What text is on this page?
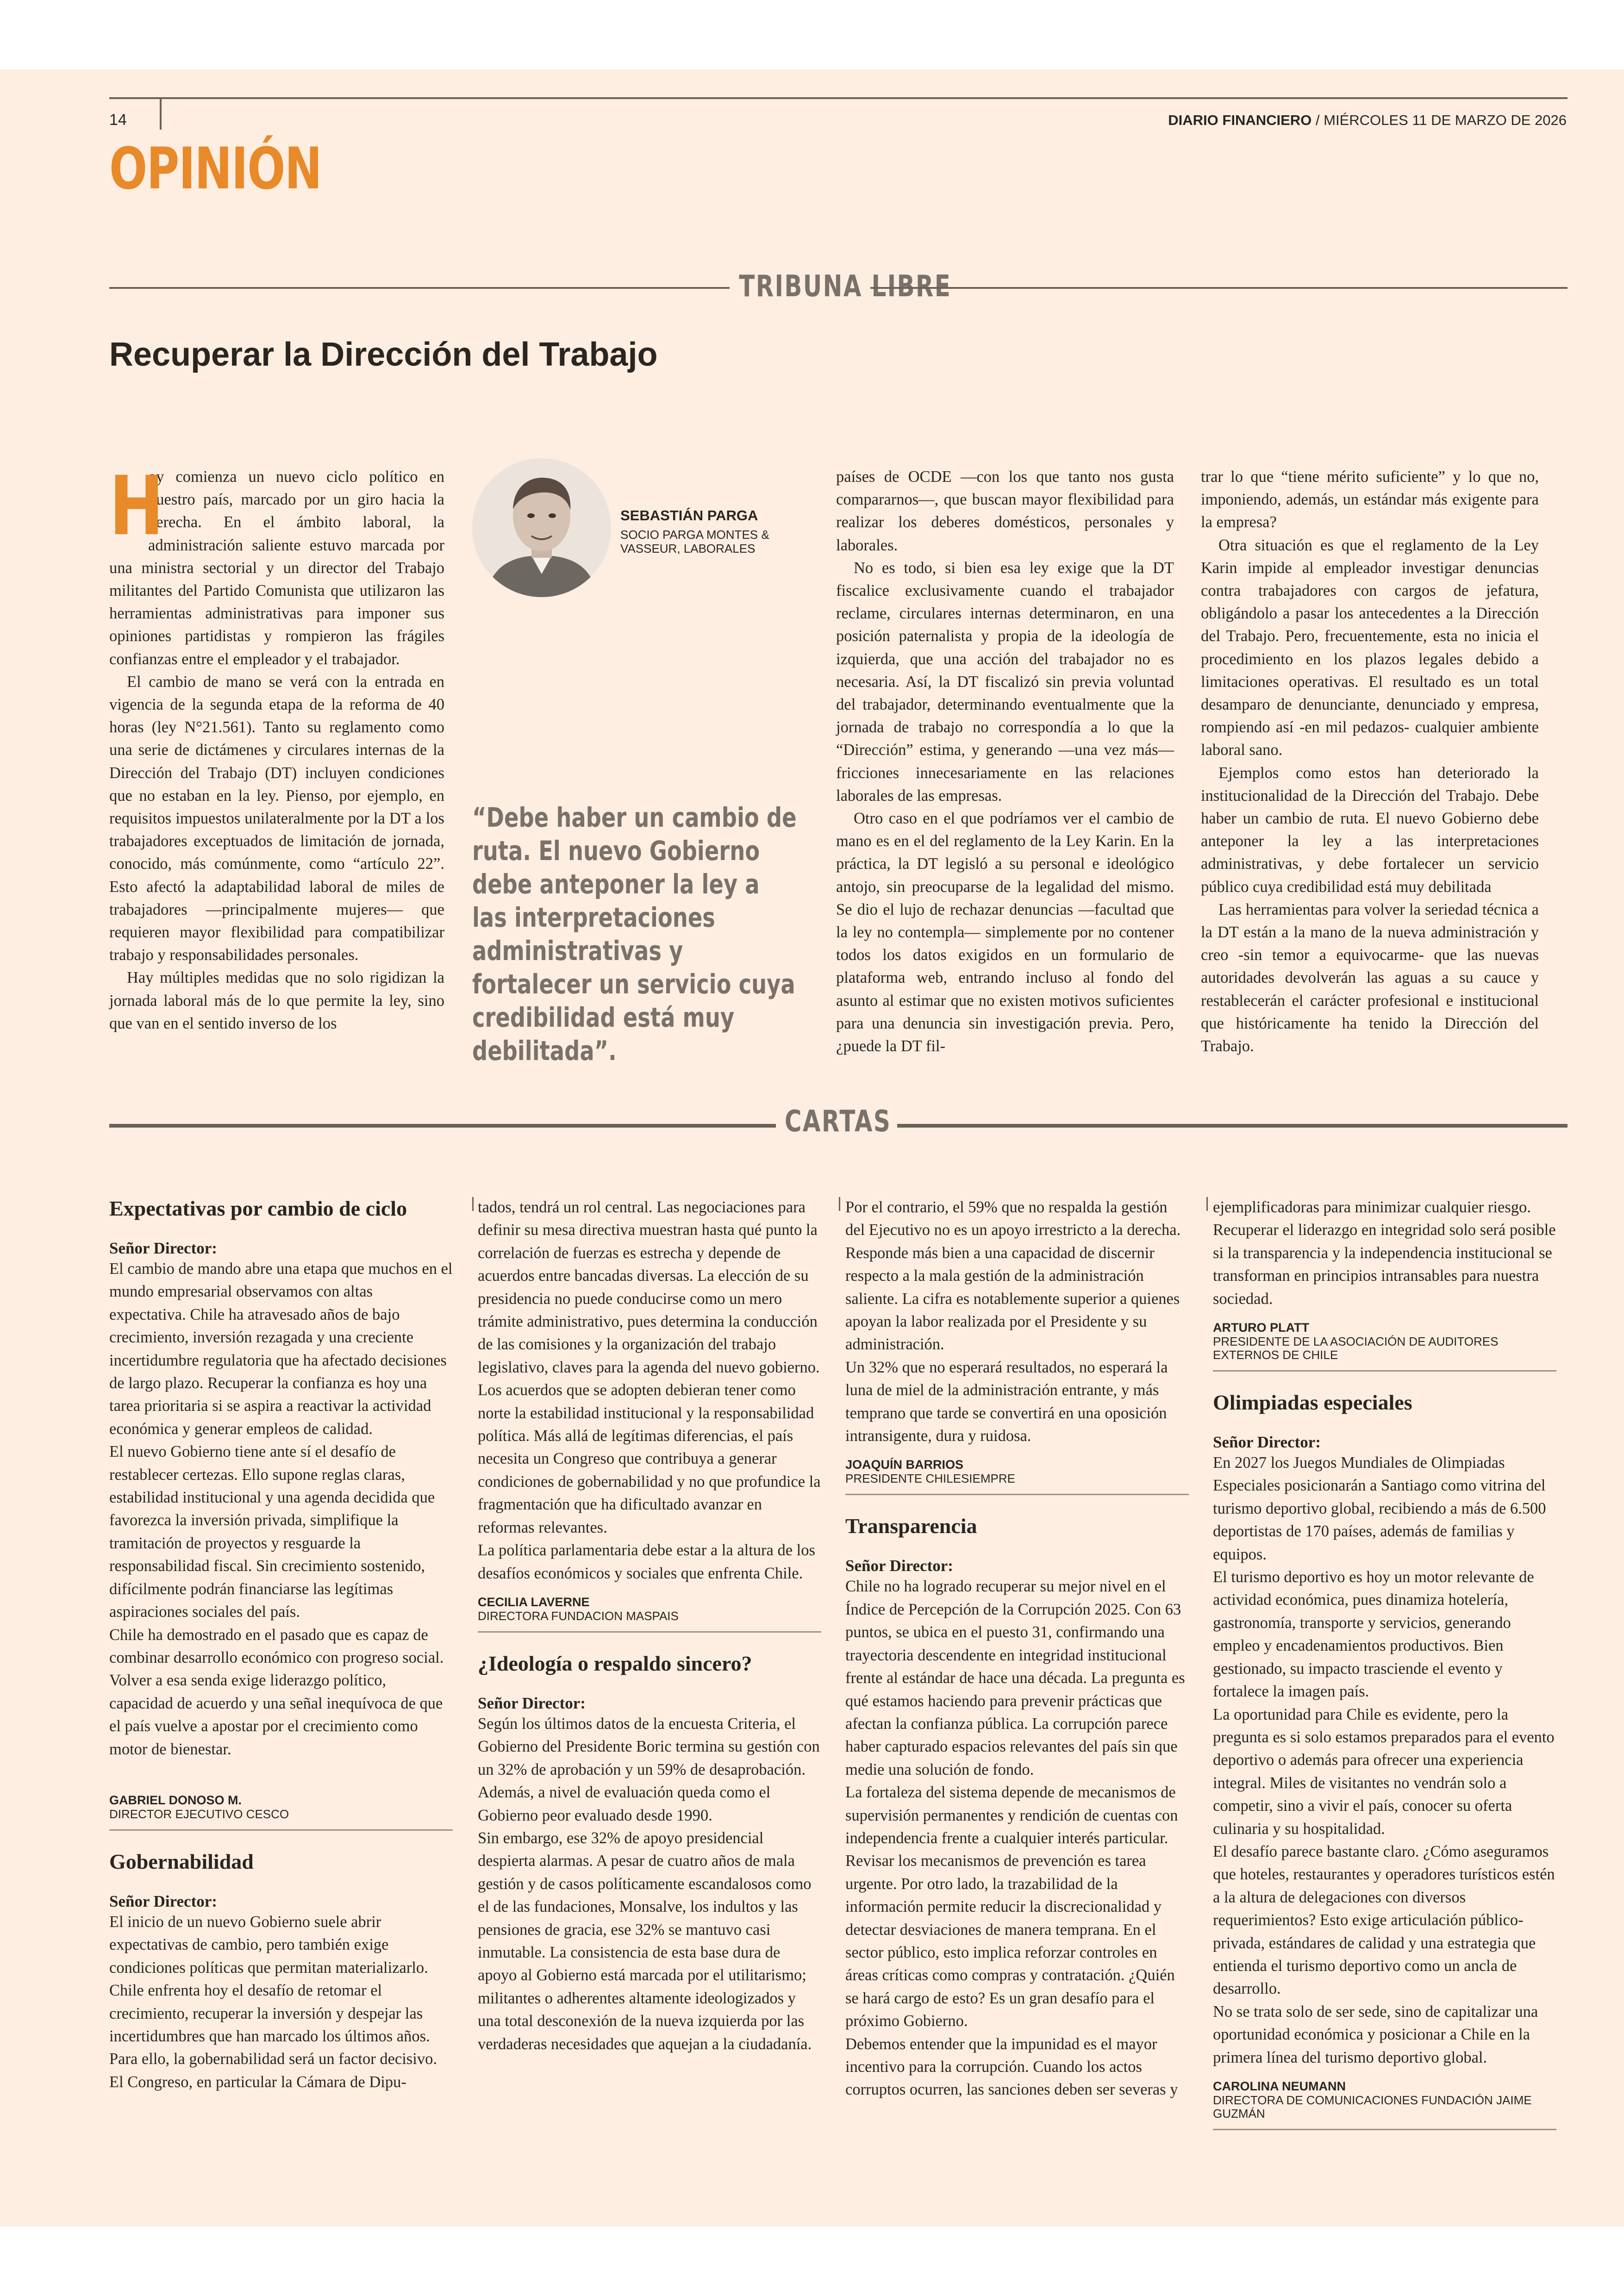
14	DIARIO FINANCIERO / MIÉRCOLES 11 DE MARZO DE 2026
OPINIÓN
TRIBUNA LIBRE
Recuperar la Dirección del Trabajo

H
oy comienza un nuevo ciclo político en nuestro país, marcado por un giro hacia la derecha. En el ámbito laboral, la administración saliente estuvo marcada por una ministra sectorial y un director del Trabajo militantes del Partido Comunista que utilizaron las herramientas administrativas para imponer sus opiniones partidistas y rompieron las frágiles confianzas entre el empleador y el trabajador.

El cambio de mano se verá con la entrada en vigencia de la segunda etapa de la reforma de 40 horas (ley N°21.561). Tanto su reglamento como una serie de dictámenes y circulares internas de la Dirección del Trabajo (DT) incluyen condiciones que no estaban en la ley. Pienso, por ejemplo, en requisitos impuestos unilateralmente por la DT a los trabajadores exceptuados de limitación de jornada, conocido, más comúnmente, como “artículo 22”. Esto afectó la adaptabilidad laboral de miles de trabajadores —principalmente mujeres— que requieren mayor flexibilidad para compatibilizar trabajo y responsabilidades personales.

Hay múltiples medidas que no solo rigidizan la jornada laboral más de lo que permite la ley, sino que van en el sentido inverso de los

SEBASTIÁN PARGA
SOCIO PARGA MONTES & VASSEUR, LABORALES
“Debe haber un cambio de ruta. El nuevo Gobierno debe anteponer la ley a las interpretaciones administrativas y fortalecer un servicio cuya credibilidad está muy debilitada”.

países de OCDE —con los que tanto nos gusta compararnos—, que buscan mayor flexibilidad para realizar los deberes domésticos, personales y laborales.

No es todo, si bien esa ley exige que la DT fiscalice exclusivamente cuando el trabajador reclame, circulares internas determinaron, en una posición paternalista y propia de la ideología de izquierda, que una acción del trabajador no es necesaria. Así, la DT fiscalizó sin previa voluntad del trabajador, determinando eventualmente que la jornada de trabajo no correspondía a lo que la “Dirección” estima, y generando —una vez más— fricciones innecesariamente en las relaciones laborales de las empresas.

Otro caso en el que podríamos ver el cambio de mano es en el del reglamento de la Ley Karin. En la práctica, la DT legisló a su personal e ideológico antojo, sin preocuparse de la legalidad del mismo. Se dio el lujo de rechazar denuncias —facultad que la ley no contempla— simplemente por no contener todos los datos exigidos en un formulario de plataforma web, entrando incluso al fondo del asunto al estimar que no existen motivos suficientes para una denuncia sin investigación previa. Pero, ¿puede la DT fil-

trar lo que “tiene mérito suficiente” y lo que no, imponiendo, además, un estándar más exigente para la empresa?

Otra situación es que el reglamento de la Ley Karin impide al empleador investigar denuncias contra trabajadores con cargos de jefatura, obligándolo a pasar los antecedentes a la Dirección del Trabajo. Pero, frecuentemente, esta no inicia el procedimiento en los plazos legales debido a limitaciones operativas. El resultado es un total desamparo de denunciante, denunciado y empresa, rompiendo así -en mil pedazos- cualquier ambiente laboral sano.

Ejemplos como estos han deteriorado la institucionalidad de la Dirección del Trabajo. Debe haber un cambio de ruta. El nuevo Gobierno debe anteponer la ley a las interpretaciones administrativas, y debe fortalecer un servicio público cuya credibilidad está muy debilitada

Las herramientas para volver la seriedad técnica a la DT están a la mano de la nueva administración y creo -sin temor a equivocarme- que las nuevas autoridades devolverán las aguas a su cauce y restablecerán el carácter profesional e institucional que históricamente ha tenido la Dirección del Trabajo.

CARTAS
Expectativas por cambio de ciclo

Señor Director:

El cambio de mando abre una etapa que muchos en el mundo empresarial observamos con altas expectativa. Chile ha atravesado años de bajo crecimiento, inversión rezagada y una creciente incertidumbre regulatoria que ha afectado decisiones de largo plazo. Recuperar la confianza es hoy una tarea prioritaria si se aspira a reactivar la actividad económica y generar empleos de calidad.

El nuevo Gobierno tiene ante sí el desafío de restablecer certezas. Ello supone reglas claras, estabilidad institucional y una agenda decidida que favorezca la inversión privada, simplifique la tramitación de proyectos y resguarde la responsabilidad fiscal. Sin crecimiento sostenido, difícilmente podrán financiarse las legítimas aspiraciones sociales del país.

Chile ha demostrado en el pasado que es capaz de combinar desarrollo económico con progreso social. Volver a esa senda exige liderazgo político, capacidad de acuerdo y una señal inequívoca de que el país vuelve a apostar por el crecimiento como motor de bienestar.

GABRIEL DONOSO M.
DIRECTOR EJECUTIVO CESCO
Gobernabilidad

Señor Director:

El inicio de un nuevo Gobierno suele abrir expectativas de cambio, pero también exige condiciones políticas que permitan materializarlo. Chile enfrenta hoy el desafío de retomar el crecimiento, recuperar la inversión y despejar las incertidumbres que han marcado los últimos años. Para ello, la gobernabilidad será un factor decisivo.

El Congreso, en particular la Cámara de Dipu-

tados, tendrá un rol central. Las negociaciones para definir su mesa directiva muestran hasta qué punto la correlación de fuerzas es estrecha y depende de acuerdos entre bancadas diversas. La elección de su presidencia no puede conducirse como un mero trámite administrativo, pues determina la conducción de las comisiones y la organización del trabajo legislativo, claves para la agenda del nuevo gobierno.

Los acuerdos que se adopten debieran tener como norte la estabilidad institucional y la responsabilidad política. Más allá de legítimas diferencias, el país necesita un Congreso que contribuya a generar condiciones de gobernabilidad y no que profundice la fragmentación que ha dificultado avanzar en reformas relevantes.

La política parlamentaria debe estar a la altura de los desafíos económicos y sociales que enfrenta Chile.

CECILIA LAVERNE
DIRECTORA FUNDACION MASPAIS
¿Ideología o respaldo sincero?

Señor Director:

Según los últimos datos de la encuesta Criteria, el Gobierno del Presidente Boric termina su gestión con un 32% de aprobación y un 59% de desaprobación. Además, a nivel de evaluación queda como el Gobierno peor evaluado desde 1990.

Sin embargo, ese 32% de apoyo presidencial despierta alarmas. A pesar de cuatro años de mala gestión y de casos políticamente escandalosos como el de las fundaciones, Monsalve, los indultos y las pensiones de gracia, ese 32% se mantuvo casi inmutable. La consistencia de esta base dura de apoyo al Gobierno está marcada por el utilitarismo; militantes o adherentes altamente ideologizados y una total desconexión de la nueva izquierda por las verdaderas necesidades que aquejan a la ciudadanía.

Por el contrario, el 59% que no respalda la gestión del Ejecutivo no es un apoyo irrestricto a la derecha. Responde más bien a una capacidad de discernir respecto a la mala gestión de la administración saliente. La cifra es notablemente superior a quienes apoyan la labor realizada por el Presidente y su administración.

Un 32% que no esperará resultados, no esperará la luna de miel de la administración entrante, y más temprano que tarde se convertirá en una oposición intransigente, dura y ruidosa.

JOAQUÍN BARRIOS
PRESIDENTE CHILESIEMPRE
Transparencia

Señor Director:

Chile no ha logrado recuperar su mejor nivel en el Índice de Percepción de la Corrupción 2025. Con 63 puntos, se ubica en el puesto 31, confirmando una trayectoria descendente en integridad institucional frente al estándar de hace una década. La pregunta es qué estamos haciendo para prevenir prácticas que afectan la confianza pública. La corrupción parece haber capturado espacios relevantes del país sin que medie una solución de fondo.

La fortaleza del sistema depende de mecanismos de supervisión permanentes y rendición de cuentas con independencia frente a cualquier interés particular. Revisar los mecanismos de prevención es tarea urgente. Por otro lado, la trazabilidad de la información permite reducir la discrecionalidad y detectar desviaciones de manera temprana. En el sector público, esto implica reforzar controles en áreas críticas como compras y contratación. ¿Quién se hará cargo de esto? Es un gran desafío para el próximo Gobierno.

Debemos entender que la impunidad es el mayor incentivo para la corrupción. Cuando los actos corruptos ocurren, las sanciones deben ser severas y

ejemplificadoras para minimizar cualquier riesgo. Recuperar el liderazgo en integridad solo será posible si la transparencia y la independencia institucional se transforman en principios intransables para nuestra sociedad.

ARTURO PLATT
PRESIDENTE DE LA ASOCIACIÓN DE AUDITORES EXTERNOS DE CHILE
Olimpiadas especiales

Señor Director:

En 2027 los Juegos Mundiales de Olimpiadas Especiales posicionarán a Santiago como vitrina del turismo deportivo global, recibiendo a más de 6.500 deportistas de 170 países, además de familias y equipos.

El turismo deportivo es hoy un motor relevante de actividad económica, pues dinamiza hotelería, gastronomía, transporte y servicios, generando empleo y encadenamientos productivos. Bien gestionado, su impacto trasciende el evento y fortalece la imagen país.

La oportunidad para Chile es evidente, pero la pregunta es si solo estamos preparados para el evento deportivo o además para ofrecer una experiencia integral. Miles de visitantes no vendrán solo a competir, sino a vivir el país, conocer su oferta culinaria y su hospitalidad.

El desafío parece bastante claro. ¿Cómo aseguramos que hoteles, restaurantes y operadores turísticos estén a la altura de delegaciones con diversos requerimientos? Esto exige articulación público-privada, estándares de calidad y una estrategia que entienda el turismo deportivo como un ancla de desarrollo.

No se trata solo de ser sede, sino de capitalizar una oportunidad económica y posicionar a Chile en la primera línea del turismo deportivo global.

CAROLINA NEUMANN
DIRECTORA DE COMUNICACIONES FUNDACIÓN JAIME GUZMÁN
